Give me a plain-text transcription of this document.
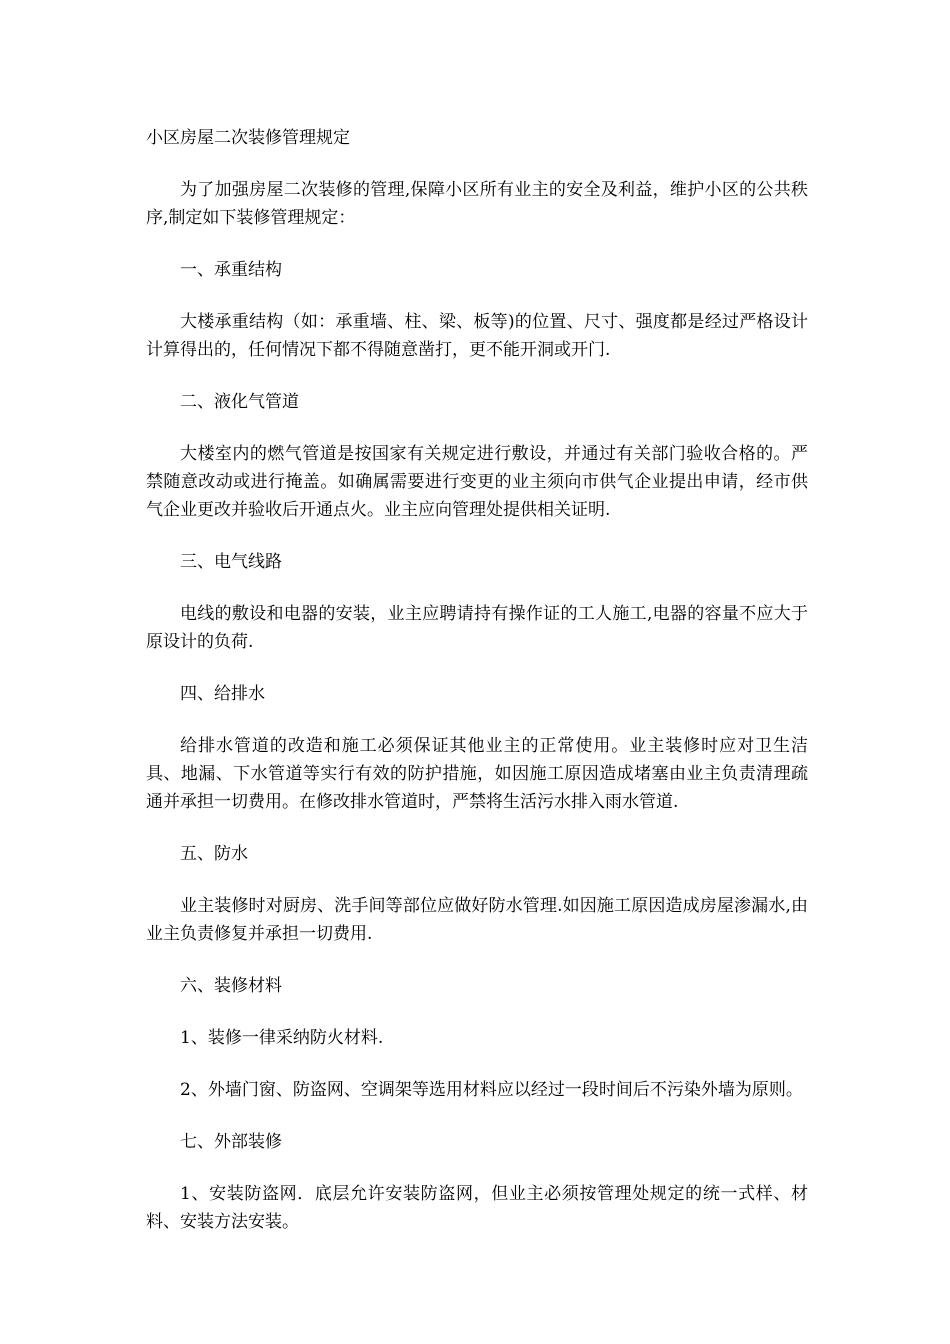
小区房屋二次装修管理规定

为了加强房屋二次装修的管理,保障小区所有业主的安全及利益，维护小区的公共秩序,制定如下装修管理规定：

一、承重结构

大楼承重结构（如：承重墙、柱、梁、板等)的位置、尺寸、强度都是经过严格设计计算得出的，任何情况下都不得随意凿打，更不能开洞或开门.

二、液化气管道

大楼室内的燃气管道是按国家有关规定进行敷设，并通过有关部门验收合格的。严禁随意改动或进行掩盖。如确属需要进行变更的业主须向市供气企业提出申请，经市供气企业更改并验收后开通点火。业主应向管理处提供相关证明.

三、电气线路

电线的敷设和电器的安装，业主应聘请持有操作证的工人施工,电器的容量不应大于原设计的负荷.

四、给排水

给排水管道的改造和施工必须保证其他业主的正常使用。业主装修时应对卫生洁具、地漏、下水管道等实行有效的防护措施，如因施工原因造成堵塞由业主负责清理疏通并承担一切费用。在修改排水管道时，严禁将生活污水排入雨水管道.

五、防水

业主装修时对厨房、洗手间等部位应做好防水管理.如因施工原因造成房屋渗漏水,由业主负责修复并承担一切费用.

六、装修材料

1、装修一律采纳防火材料.

2、外墙门窗、防盗网、空调架等选用材料应以经过一段时间后不污染外墙为原则。

七、外部装修

1、安装防盗网．底层允许安装防盗网，但业主必须按管理处规定的统一式样、材料、安装方法安装。
